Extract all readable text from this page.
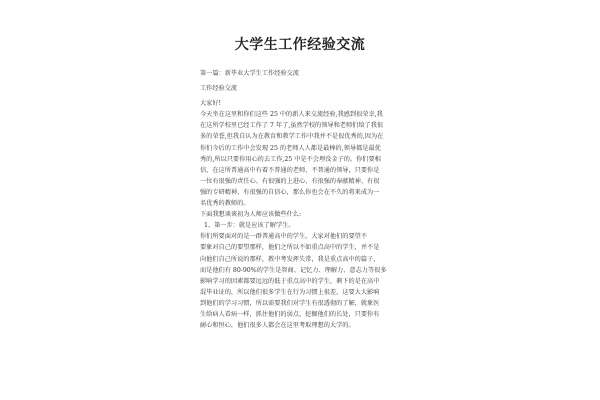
大学生工作经验交流
第一篇：新毕业大学生工作经验交流
工作经验交流
大家好!
今天坐在这里和你们这些 25 中的新人来交流经验,我感到很荣幸,我
在这所学校里已经工作了 7 年了,虽然学校的领导和老师们给了我很
多的荣誉,但我自认为在教育和教学工作中我并不是很优秀的,因为在
你们今后的工作中会发现 25 的老师人人都是最棒的,领导都是最优
秀的,所以只要你用心的去工作,25 中是不会埋没金子的。你们要相
信，在这所普通高中有着不普通的老师、不普通的领导，只要你是
一位有很强的责任心、有很强的上进心、有很强的奉献精神、有很
强的专研精神、有很强的自信心，那么你也会在不久的将来成为一
名优秀的教师的。
下面我想谈谈初为人师应该做些什么:
1、第一步：就是应该了解学生。
你们所要面对的是一群普通高中的学生，大家对他们的要望不
要象对自己的要望那样，他们之所以不如重点高中的学生，并不是
向他们自己所说的那样，教中考发挥失常，我是重点高中的篇子，
而是他们有 80-90%的学生是智商、记忆力、理解力、意志力等很多
影响学习的因素都要远远的低于重点高中的学生，剩下的是在高中
混毕业证的，所以他们很多学生在行为习惯上很差，这要大大影响
到他们的学习习惯，所以需要我们对学生有很透彻的了解，就象医
生给病人看病一样，抓住他们的弱点，挖掘他们的长处，只要你有
耐心和恒心，他们很多人都会在这里考取理想的大学的。
